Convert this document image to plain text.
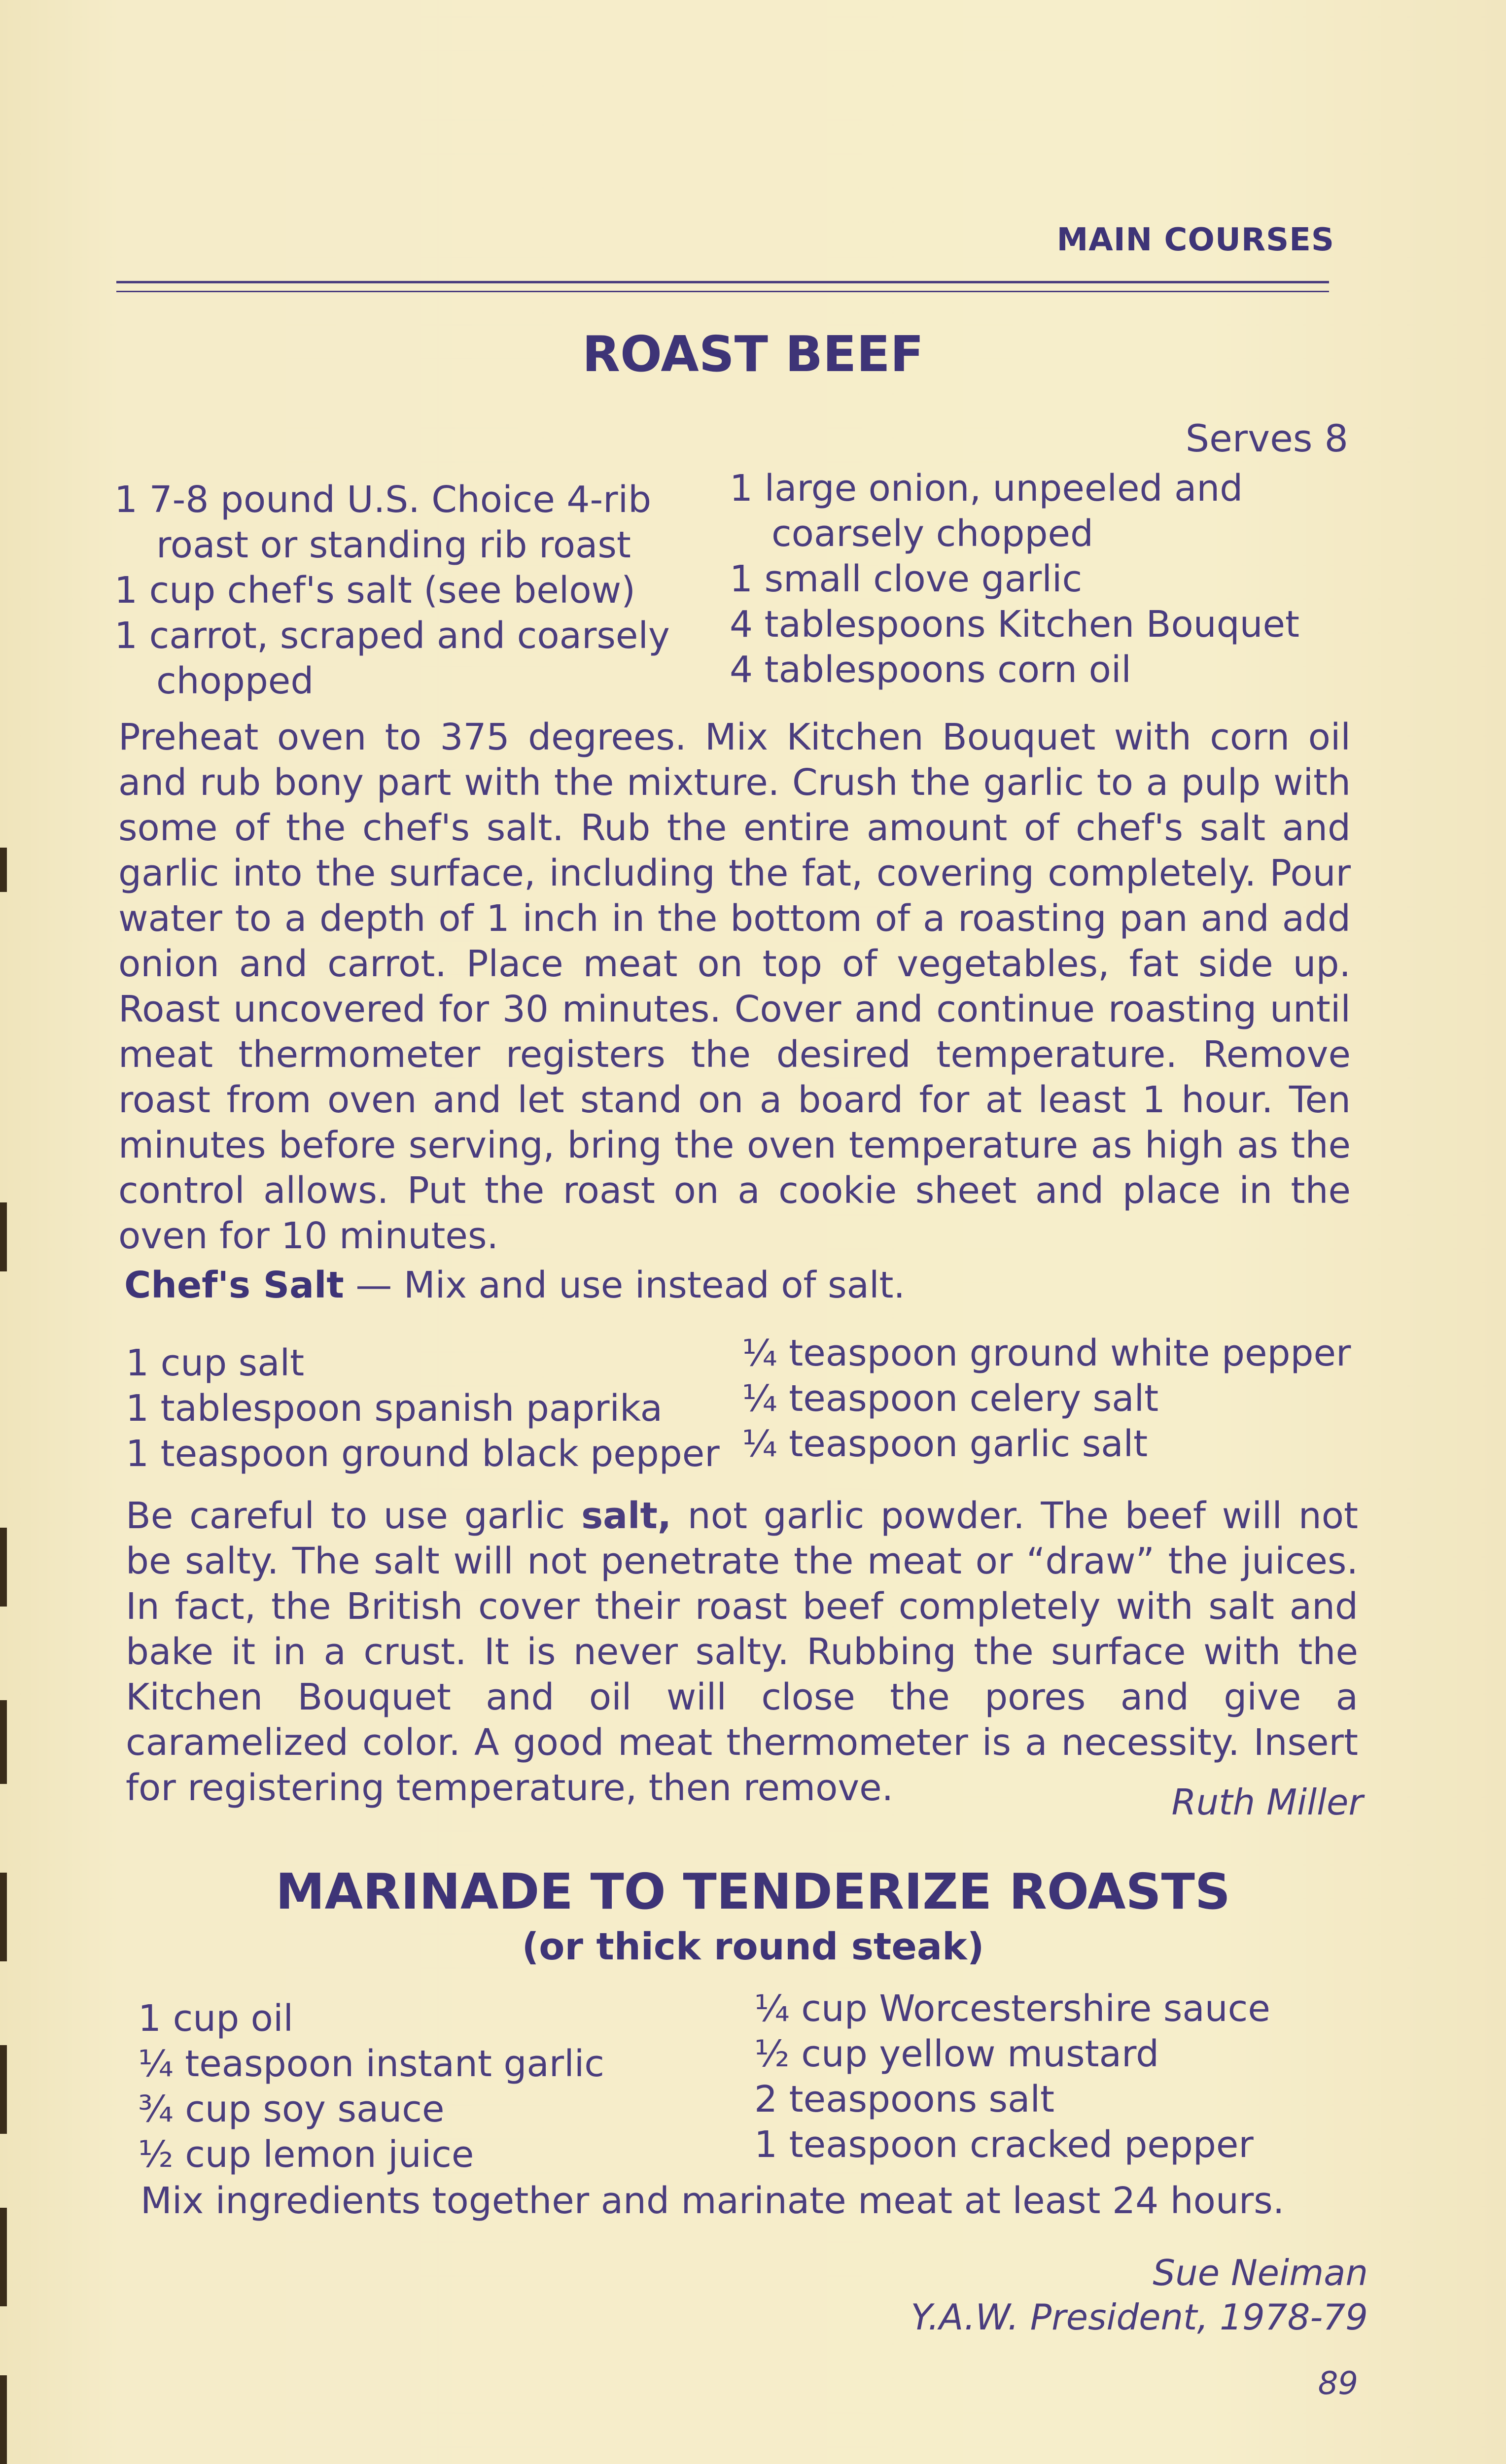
MAIN COURSES
ROAST BEEF
Serves 8
1 7-8 pound U.S. Choice 4-rib
roast or standing rib roast
1 cup chef's salt (see below)
1 carrot, scraped and coarsely
chopped
1 large onion, unpeeled and
coarsely chopped
1 small clove garlic
4 tablespoons Kitchen Bouquet
4 tablespoons corn oil
Preheat oven to 375 degrees. Mix Kitchen Bouquet with corn oil and rub bony part with the mixture. Crush the garlic to a pulp with some of the chef's salt. Rub the entire amount of chef's salt and garlic into the surface, including the fat, covering completely. Pour water to a depth of 1 inch in the bottom of a roasting pan and add onion and carrot. Place meat on top of vegetables, fat side up. Roast uncovered for 30 minutes. Cover and continue roasting until meat thermometer registers the desired temperature. Remove roast from oven and let stand on a board for at least 1 hour. Ten minutes before serving, bring the oven temperature as high as the control allows. Put the roast on a cookie sheet and place in the oven for 10 minutes.
Chef's Salt — Mix and use instead of salt.
1 cup salt
1 tablespoon spanish paprika
1 teaspoon ground black pepper
¼ teaspoon ground white pepper
¼ teaspoon celery salt
¼ teaspoon garlic salt
Be careful to use garlic salt, not garlic powder. The beef will not be salty. The salt will not penetrate the meat or “draw” the juices. In fact, the British cover their roast beef completely with salt and bake it in a crust. It is never salty. Rubbing the surface with the Kitchen Bouquet and oil will close the pores and give a caramelized color. A good meat thermometer is a necessity. Insert for registering temperature, then remove.	Ruth Miller
MARINADE TO TENDERIZE ROASTS
(or thick round steak)
1 cup oil
¼ teaspoon instant garlic
¾ cup soy sauce
½ cup lemon juice
¼ cup Worcestershire sauce
½ cup yellow mustard
2 teaspoons salt
1 teaspoon cracked pepper
Mix ingredients together and marinate meat at least 24 hours.
Sue Neiman
Y.A.W. President, 1978-79
89
